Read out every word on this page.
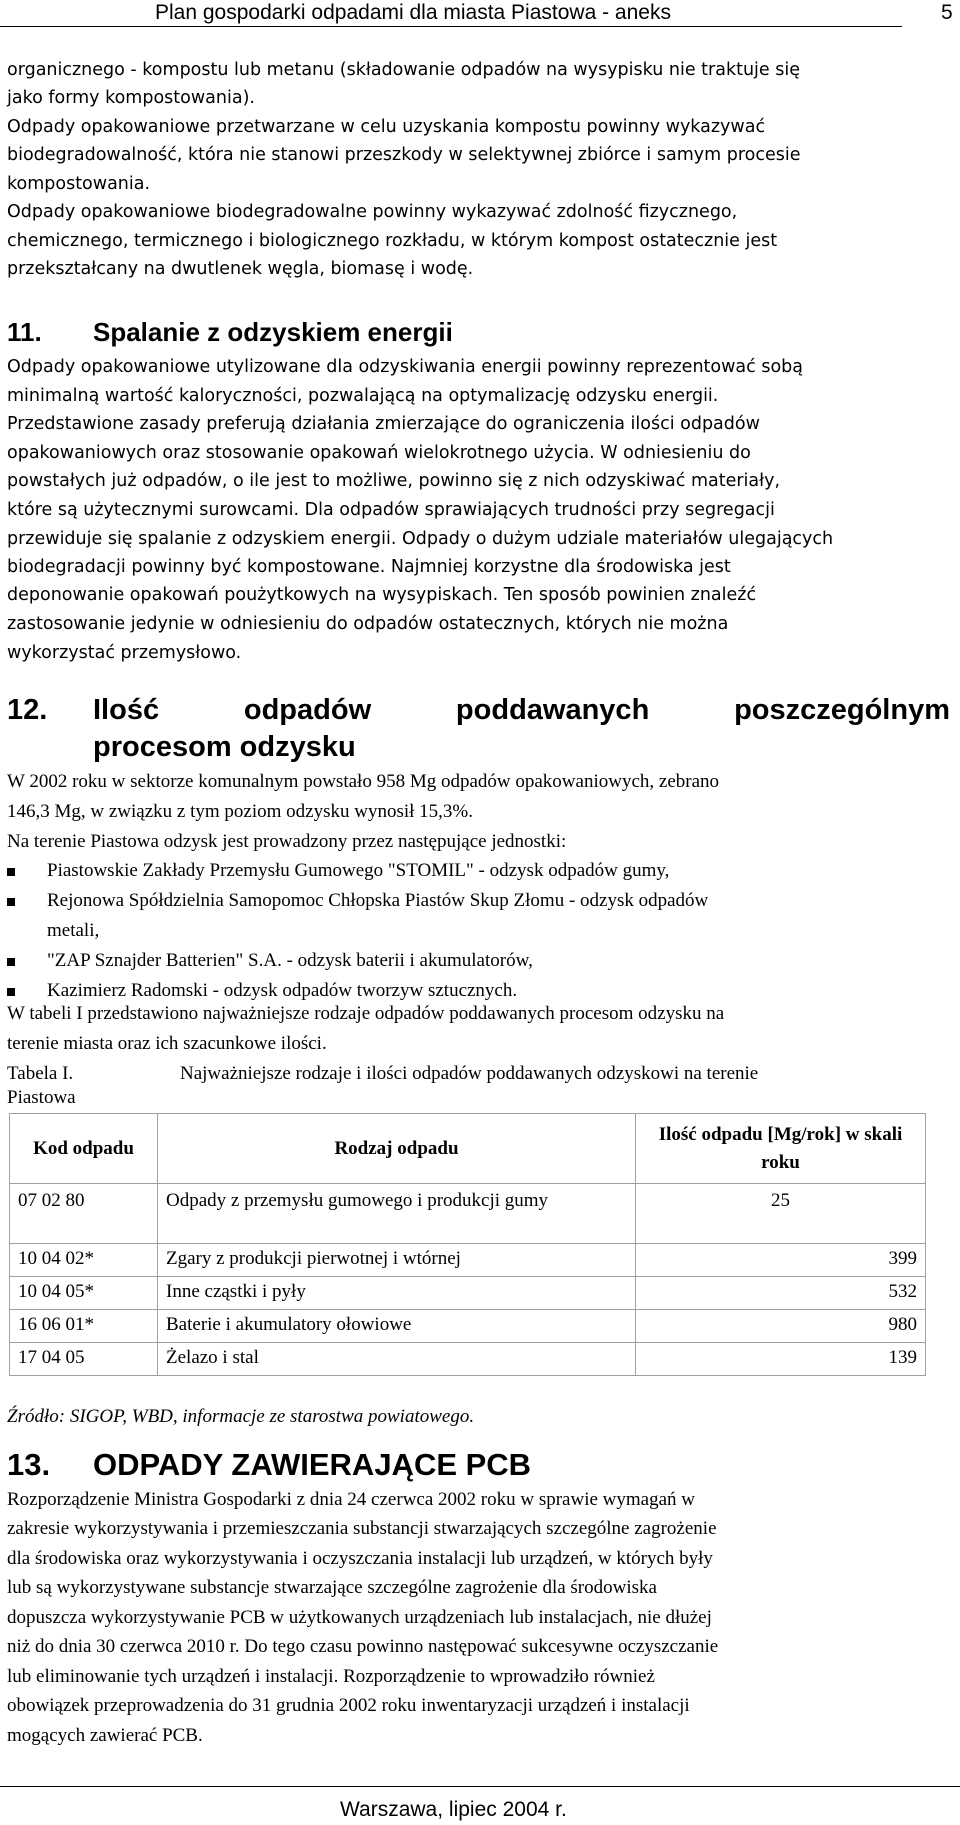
Plan gospodarki odpadami dla miasta Piastowa - aneks	5
organicznego - kompostu lub metanu (składowanie odpadów na wysypisku nie traktuje się
jako formy kompostowania).
Odpady opakowaniowe przetwarzane w celu uzyskania kompostu powinny wykazywać
biodegradowalność, która nie stanowi przeszkody w selektywnej zbiórce i samym procesie
kompostowania.
Odpady opakowaniowe biodegradowalne powinny wykazywać zdolność fizycznego,
chemicznego, termicznego i biologicznego rozkładu, w którym kompost ostatecznie jest
przekształcany na dwutlenek węgla, biomasę i wodę.
11. Spalanie z odzyskiem energii
Odpady opakowaniowe utylizowane dla odzyskiwania energii powinny reprezentować sobą
minimalną wartość kaloryczności, pozwalającą na optymalizację odzysku energii.
Przedstawione zasady preferują działania zmierzające do ograniczenia ilości odpadów
opakowaniowych oraz stosowanie opakowań wielokrotnego użycia. W odniesieniu do
powstałych już odpadów, o ile jest to możliwe, powinno się z nich odzyskiwać materiały,
które są użytecznymi surowcami. Dla odpadów sprawiających trudności przy segregacji
przewiduje się spalanie z odzyskiem energii. Odpady o dużym udziale materiałów ulegających
biodegradacji powinny być kompostowane. Najmniej korzystne dla środowiska jest
deponowanie opakowań poużytkowych na wysypiskach. Ten sposób powinien znaleźć
zastosowanie jedynie w odniesieniu do odpadów ostatecznych, których nie można
wykorzystać przemysłowo.
12. Ilość	odpadów	poddawanych	poszczególnym
procesom odzysku
W 2002 roku w sektorze komunalnym powstało 958 Mg odpadów opakowaniowych, zebrano
146,3 Mg, w związku z tym poziom odzysku wynosił 15,3%.
Na terenie Piastowa odzysk jest prowadzony przez następujące jednostki:
Piastowskie Zakłady Przemysłu Gumowego "STOMIL" - odzysk odpadów gumy,
Rejonowa Spółdzielnia Samopomoc Chłopska Piastów Skup Złomu - odzysk odpadów
metali,
"ZAP Sznajder Batterien" S.A. - odzysk baterii i akumulatorów,
Kazimierz Radomski - odzysk odpadów tworzyw sztucznych.
W tabeli I przedstawiono najważniejsze rodzaje odpadów poddawanych procesom odzysku na
terenie miasta oraz ich szacunkowe ilości.
Tabela I.	Najważniejsze rodzaje i ilości odpadów poddawanych odzyskowi na terenie
Piastowa
Kod odpadu	Rodzaj odpadu	Ilość odpadu [Mg/rok] w skali roku
07 02 80	Odpady z przemysłu gumowego i produkcji gumy	25
10 04 02*	Zgary z produkcji pierwotnej i wtórnej	399
10 04 05*	Inne cząstki i pyły	532
16 06 01*	Baterie i akumulatory ołowiowe	980
17 04 05	Żelazo i stal	139
Źródło: SIGOP, WBD, informacje ze starostwa powiatowego.
13. ODPADY ZAWIERAJĄCE PCB
Rozporządzenie Ministra Gospodarki z dnia 24 czerwca 2002 roku w sprawie wymagań w
zakresie wykorzystywania i przemieszczania substancji stwarzających szczególne zagrożenie
dla środowiska oraz wykorzystywania i oczyszczania instalacji lub urządzeń, w których były
lub są wykorzystywane substancje stwarzające szczególne zagrożenie dla środowiska
dopuszcza wykorzystywanie PCB w użytkowanych urządzeniach lub instalacjach, nie dłużej
niż do dnia 30 czerwca 2010 r. Do tego czasu powinno następować sukcesywne oczyszczanie
lub eliminowanie tych urządzeń i instalacji. Rozporządzenie to wprowadziło również
obowiązek przeprowadzenia do 31 grudnia 2002 roku inwentaryzacji urządzeń i instalacji
mogących zawierać PCB.
Warszawa, lipiec 2004 r.
